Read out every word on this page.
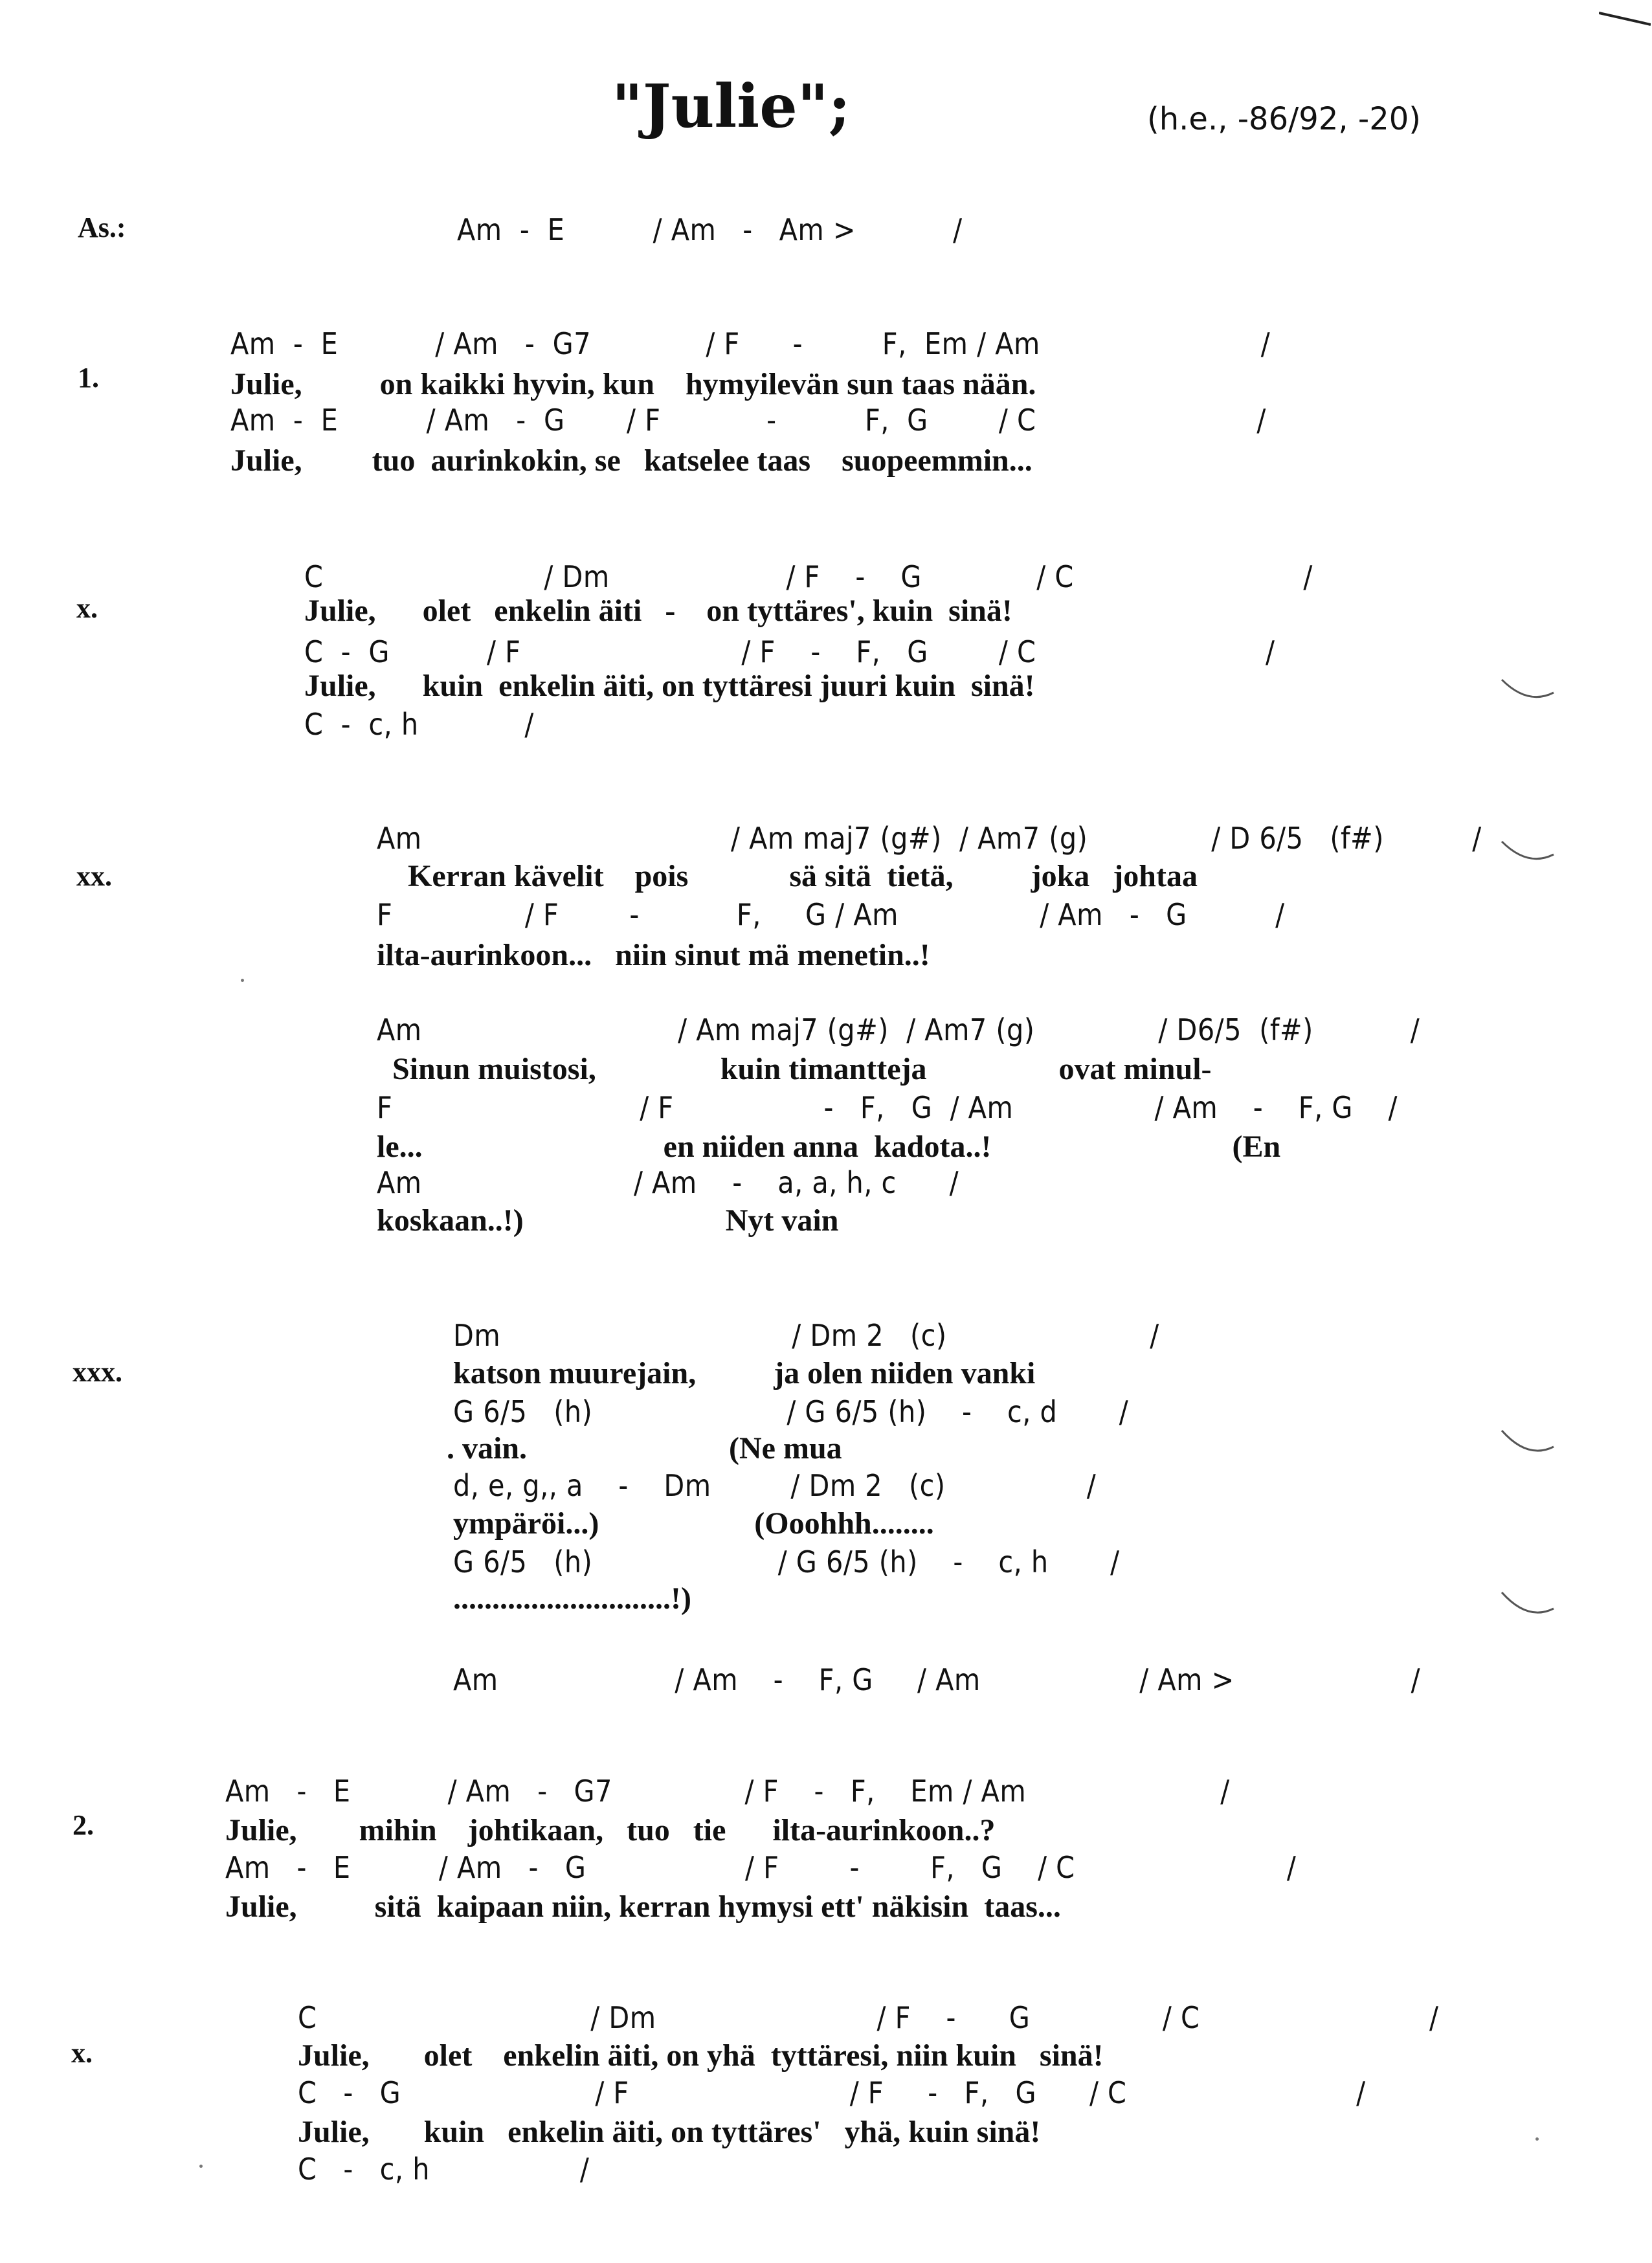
"Julie";	(h.e., -86/92, -20)
As.:	Am  -  E          / Am   -   Am >           /
1.
Am  -  E           / Am   -  G7             / F      -         F,  Em / Am                         /
Julie,          on kaikki hyvin, kun    hymyilevän sun taas nään.
Am  -  E          / Am   -  G       / F            -          F,  G        / C                         /
Julie,         tuo  aurinkokin, se   katselee taas    suopeemmin...
x.
C                         / Dm                    / F    -    G             / C                          /
Julie,      olet   enkelin äiti   -    on tyttäres', kuin  sinä!
C  -  G           / F                         / F    -    F,   G        / C                          /
Julie,      kuin  enkelin äiti, on tyttäresi juuri kuin  sinä!
C  -  c, h            /
xx.
Am                                   / Am maj7 (g#)  / Am7 (g)              / D 6/5   (f#)          /
Kerran kävelit    pois             sä sitä  tietä,          joka   johtaa
F               / F        -           F,     G / Am                / Am   -   G          /
ilta-aurinkoon...   niin sinut mä menetin..!
Am                             / Am maj7 (g#)  / Am7 (g)              / D6/5  (f#)           /
Sinun muistosi,                kuin timantteja                 ovat minul-
F                            / F                 -   F,   G  / Am                / Am    -    F, G    /
le...                               en niiden anna  kadota..!                               (En
Am                        / Am    -    a, a, h, c      /
koskaan..!)                          Nyt vain
xxx.
Dm                                 / Dm 2   (c)                       /
katson muurejain,          ja olen niiden vanki
G 6/5   (h)                      / G 6/5 (h)    -    c, d       /
. vain.                          (Ne mua
d, e, g,, a    -    Dm         / Dm 2   (c)                /
ympäröi...)                    (Ooohhh........
G 6/5   (h)                     / G 6/5 (h)    -    c, h       /
............................!)
Am                    / Am    -    F, G     / Am                  / Am >                    /
2.
Am   -   E           / Am   -   G7               / F    -   F,    Em / Am                      /
Julie,        mihin    johtikaan,   tuo   tie      ilta-aurinkoon..?
Am   -   E          / Am   -   G                  / F        -        F,   G    / C                        /
Julie,          sitä  kaipaan niin, kerran hymysi ett' näkisin  taas...
x.
C                               / Dm                         / F    -      G               / C                          /
Julie,       olet    enkelin äiti, on yhä  tyttäresi, niin kuin   sinä!
C   -   G                      / F                         / F     -   F,   G      / C                          /
Julie,       kuin   enkelin äiti, on tyttäres'   yhä, kuin sinä!
C   -   c, h                 /
